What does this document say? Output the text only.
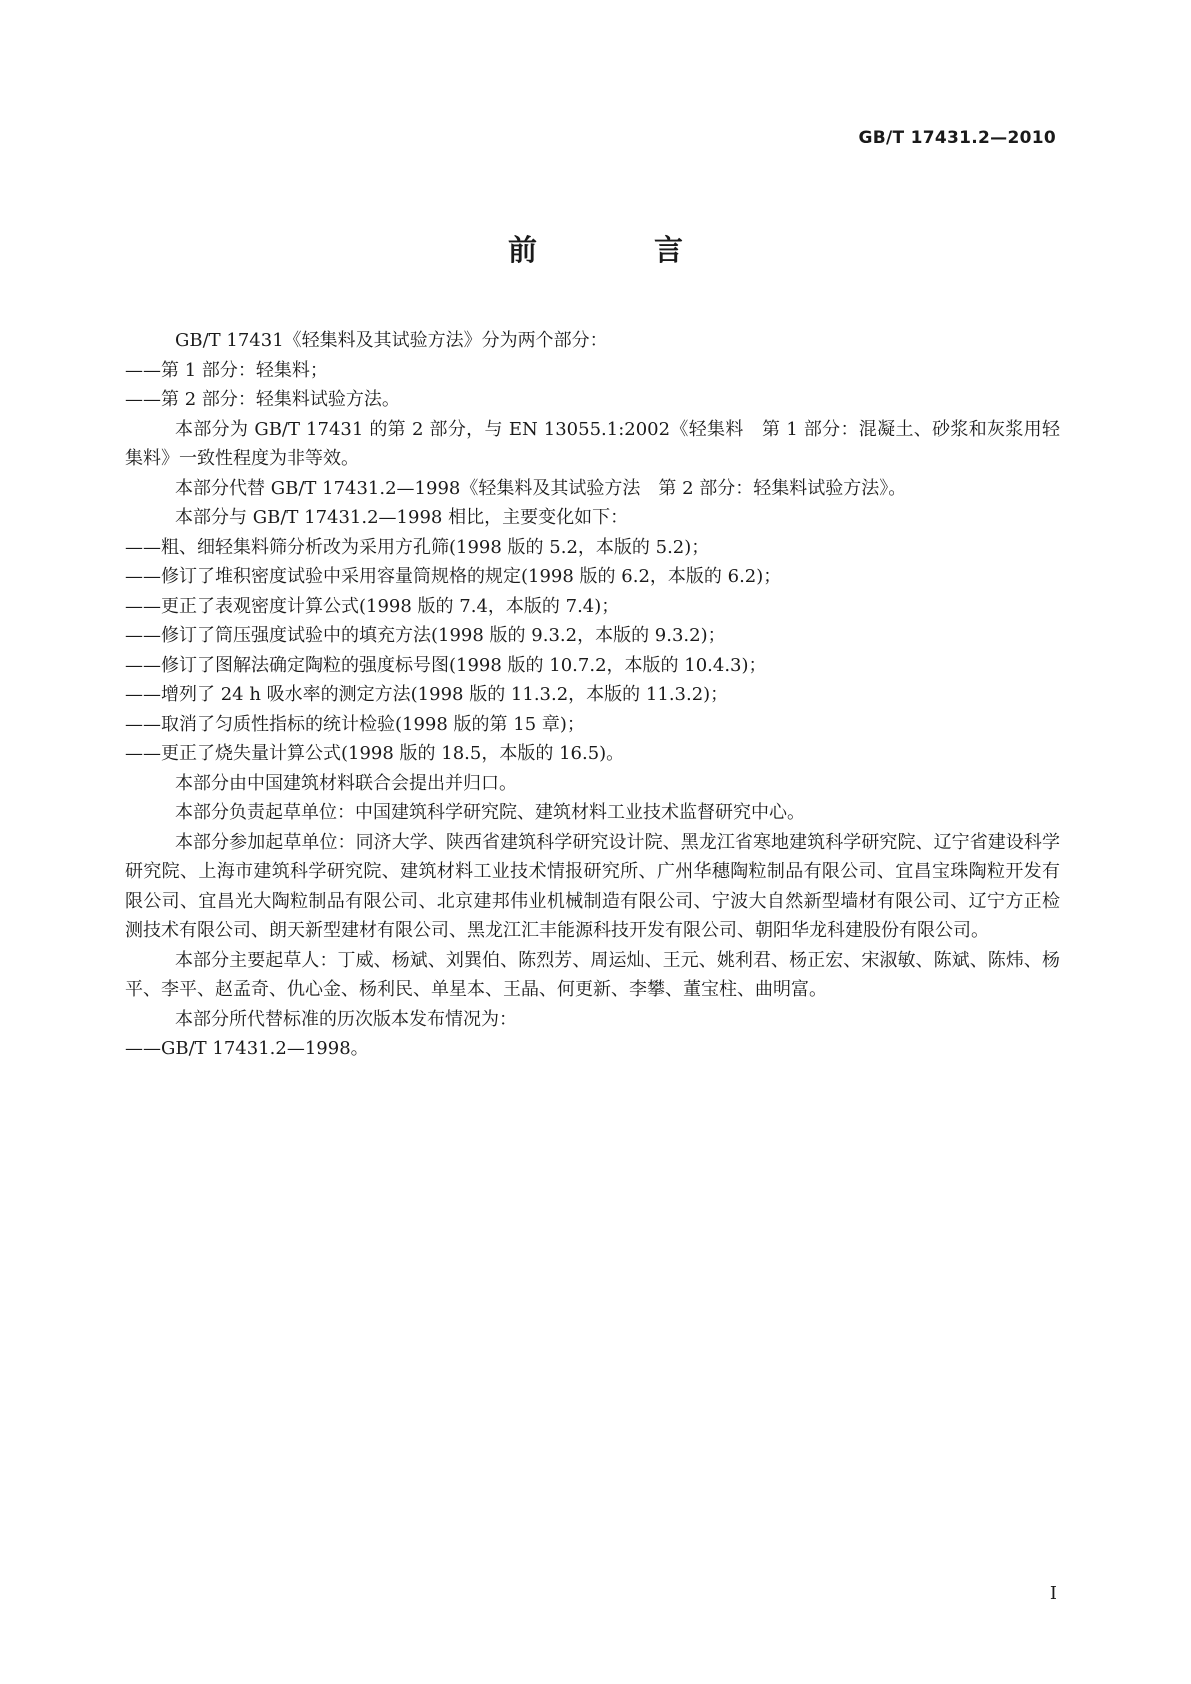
GB/T 17431.2—2010
前　言

GB/T 17431《轻集料及其试验方法》分为两个部分：

——第 1 部分：轻集料；

——第 2 部分：轻集料试验方法。

本部分为 GB/T 17431 的第 2 部分，与 EN 13055.1:2002《轻集料　第 1 部分：混凝土、砂浆和灰浆用轻集料》一致性程度为非等效。

本部分代替 GB/T 17431.2—1998《轻集料及其试验方法　第 2 部分：轻集料试验方法》。

本部分与 GB/T 17431.2—1998 相比，主要变化如下：

——粗、细轻集料筛分析改为采用方孔筛(1998 版的 5.2，本版的 5.2)；

——修订了堆积密度试验中采用容量筒规格的规定(1998 版的 6.2，本版的 6.2)；

——更正了表观密度计算公式(1998 版的 7.4，本版的 7.4)；

——修订了筒压强度试验中的填充方法(1998 版的 9.3.2，本版的 9.3.2)；

——修订了图解法确定陶粒的强度标号图(1998 版的 10.7.2，本版的 10.4.3)；

——增列了 24 h 吸水率的测定方法(1998 版的 11.3.2，本版的 11.3.2)；

——取消了匀质性指标的统计检验(1998 版的第 15 章)；

——更正了烧失量计算公式(1998 版的 18.5，本版的 16.5)。

本部分由中国建筑材料联合会提出并归口。

本部分负责起草单位：中国建筑科学研究院、建筑材料工业技术监督研究中心。

本部分参加起草单位：同济大学、陕西省建筑科学研究设计院、黑龙江省寒地建筑科学研究院、辽宁省建设科学研究院、上海市建筑科学研究院、建筑材料工业技术情报研究所、广州华穗陶粒制品有限公司、宜昌宝珠陶粒开发有限公司、宜昌光大陶粒制品有限公司、北京建邦伟业机械制造有限公司、宁波大自然新型墙材有限公司、辽宁方正检测技术有限公司、朗天新型建材有限公司、黑龙江汇丰能源科技开发有限公司、朝阳华龙科建股份有限公司。

本部分主要起草人：丁威、杨斌、刘巽伯、陈烈芳、周运灿、王元、姚利君、杨正宏、宋淑敏、陈斌、陈炜、杨平、李平、赵孟奇、仇心金、杨利民、单星本、王晶、何更新、李攀、董宝柱、曲明富。

本部分所代替标准的历次版本发布情况为：

——GB/T 17431.2—1998。

I
